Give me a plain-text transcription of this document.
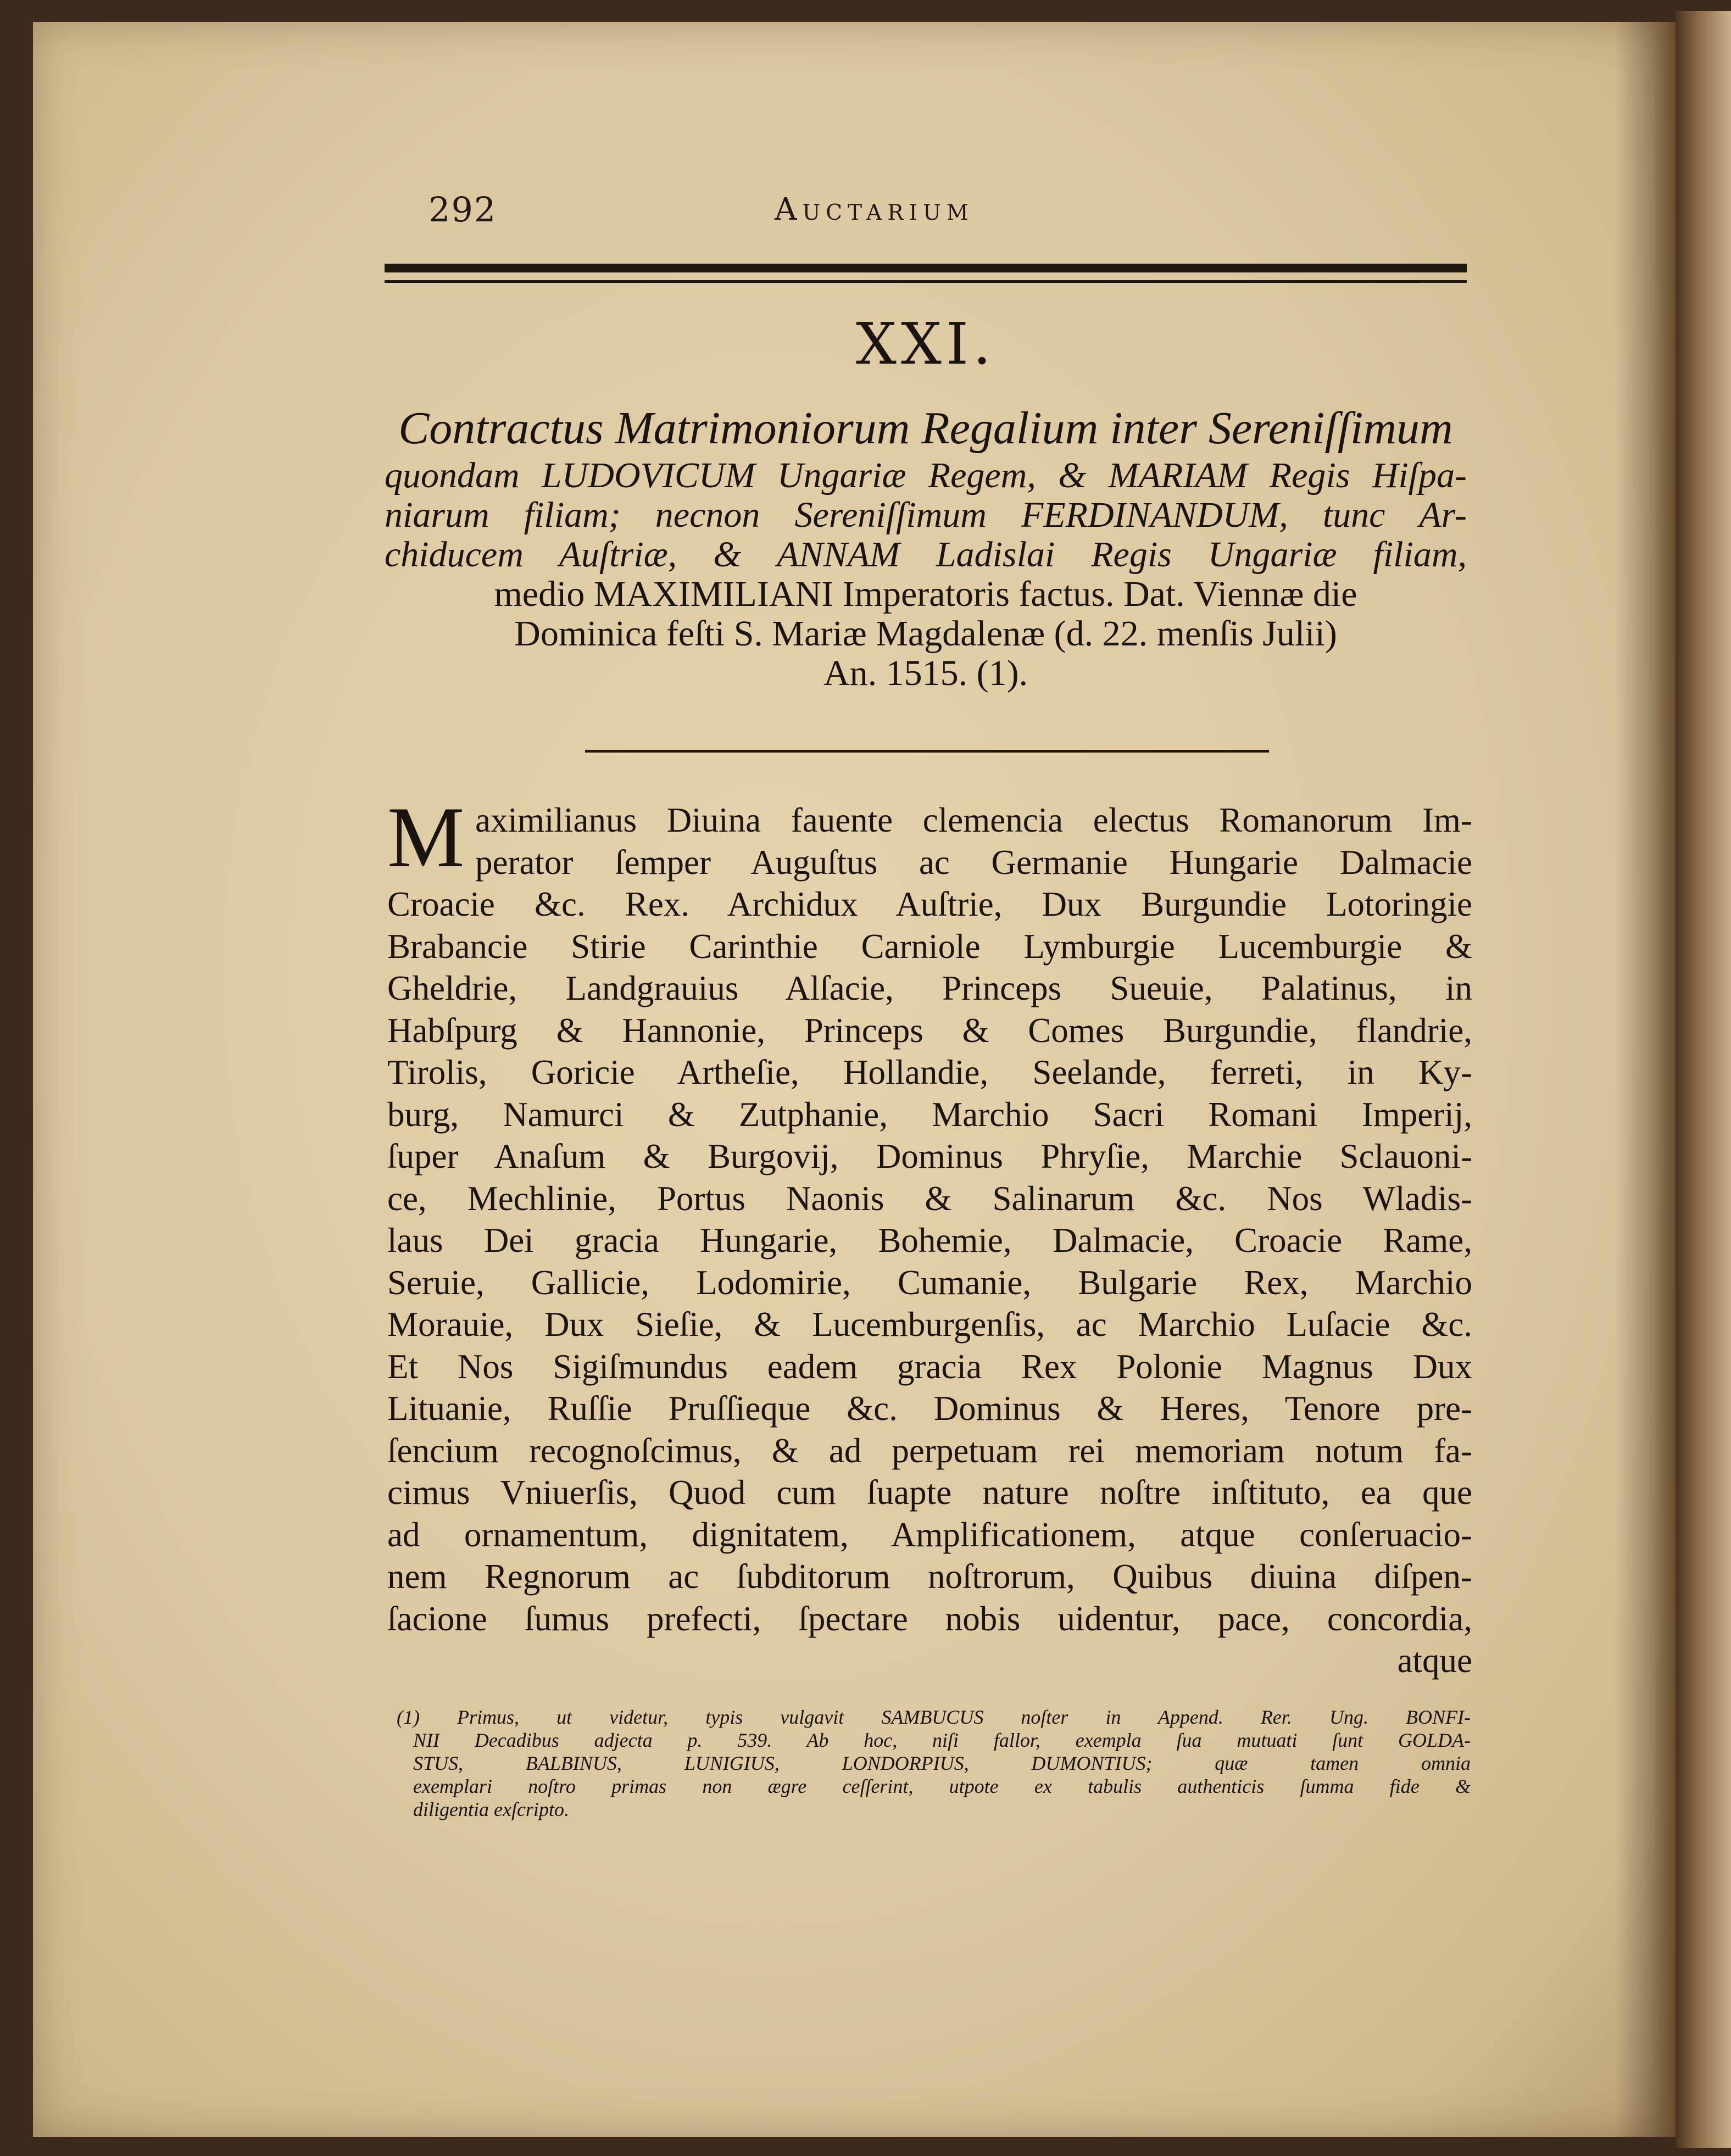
292	Auctarium
XXI.
Contractus Matrimoniorum Regalium inter Sereniſſimum
quondam LUDOVICUM Ungariæ Regem, & MARIAM Regis Hiſpa-
niarum filiam; necnon Sereniſſimum FERDINANDUM, tunc Ar-
chiducem Auſtriæ, & ANNAM Ladislai Regis Ungariæ filiam,
medio MAXIMILIANI Imperatoris factus. Dat. Viennæ die
Dominica feſti S. Mariæ Magdalenæ (d. 22. menſis Julii)
An. 1515. (1).
M aximilianus Diuina fauente clemencia electus Romanorum Im-
perator ſemper Auguſtus ac Germanie Hungarie Dalmacie
Croacie &c. Rex. Archidux Auſtrie, Dux Burgundie Lotoringie
Brabancie Stirie Carinthie Carniole Lymburgie Lucemburgie &
Gheldrie, Landgrauius Alſacie, Princeps Sueuie, Palatinus, in
Habſpurg & Hannonie, Princeps & Comes Burgundie, flandrie,
Tirolis, Goricie Artheſie, Hollandie, Seelande, ferreti, in Ky-
burg, Namurci & Zutphanie, Marchio Sacri Romani Imperij,
ſuper Anaſum & Burgovij, Dominus Phryſie, Marchie Sclauoni-
ce, Mechlinie, Portus Naonis & Salinarum &c. Nos Wladis-
laus Dei gracia Hungarie, Bohemie, Dalmacie, Croacie Rame,
Seruie, Gallicie, Lodomirie, Cumanie, Bulgarie Rex, Marchio
Morauie, Dux Sieſie, & Lucemburgenſis, ac Marchio Luſacie &c.
Et Nos Sigiſmundus eadem gracia Rex Polonie Magnus Dux
Lituanie, Ruſſie Pruſſieque &c. Dominus & Heres, Tenore pre-
ſencium recognoſcimus, & ad perpetuam rei memoriam notum fa-
cimus Vniuerſis, Quod cum ſuapte nature noſtre inſtituto, ea que
ad ornamentum, dignitatem, Amplificationem, atque conſeruacio-
nem Regnorum ac ſubditorum noſtrorum, Quibus diuina diſpen-
ſacione ſumus prefecti, ſpectare nobis uidentur, pace, concordia,
atque
(1) Primus, ut videtur, typis vulgavit SAMBUCUS noſter in Append. Rer. Ung. BONFI-
NII Decadibus adjecta p. 539. Ab hoc, niſi fallor, exempla ſua mutuati ſunt GOLDA-
STUS, BALBINUS, LUNIGIUS, LONDORPIUS, DUMONTIUS; quæ tamen omnia
exemplari noſtro primas non ægre ceſſerint, utpote ex tabulis authenticis ſumma fide &
diligentia exſcripto.
